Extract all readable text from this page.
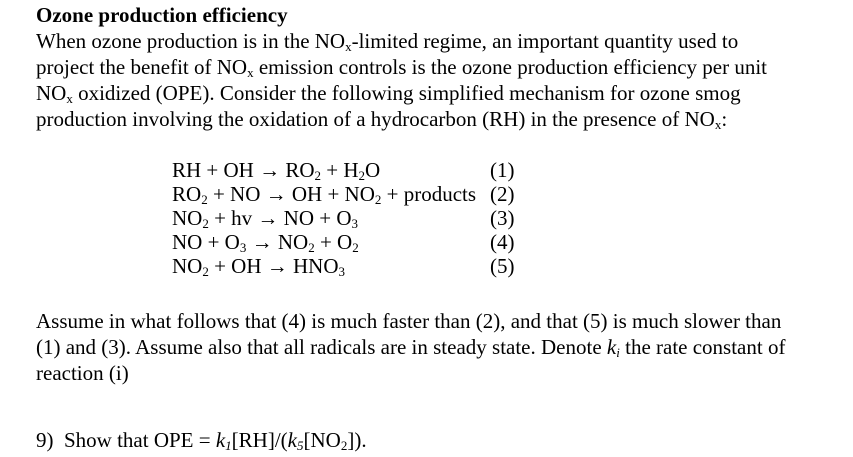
Ozone production efficiency
When ozone production is in the $NO_x$-limited regime, an important quantity used to
project the benefit of $NO_x$ emission controls is the ozone production efficiency per unit
$NO_x$ oxidized (OPE). Consider the following simplified mechanism for ozone smog
production involving the oxidation of a hydrocarbon (RH) in the presence of $NO_x$:
RH + OH → $RO_2 + H_2O$	(1)
$RO_2$ + NO → OH + $NO_2$ + products	(2)
$NO_2$ + hv → NO + $O_3$	(3)
NO + $O_3 \to NO_2 + O_2$	(4)
$NO_2$ + OH → $HNO_3$	(5)
Assume in what follows that (4) is much faster than (2), and that (5) is much slower than
(1) and (3). Assume also that all radicals are in steady state. Denote $k_i$ the rate constant of
reaction (i)
9)  Show that OPE = $k_1[RH]/(k_5[NO_2])$.
